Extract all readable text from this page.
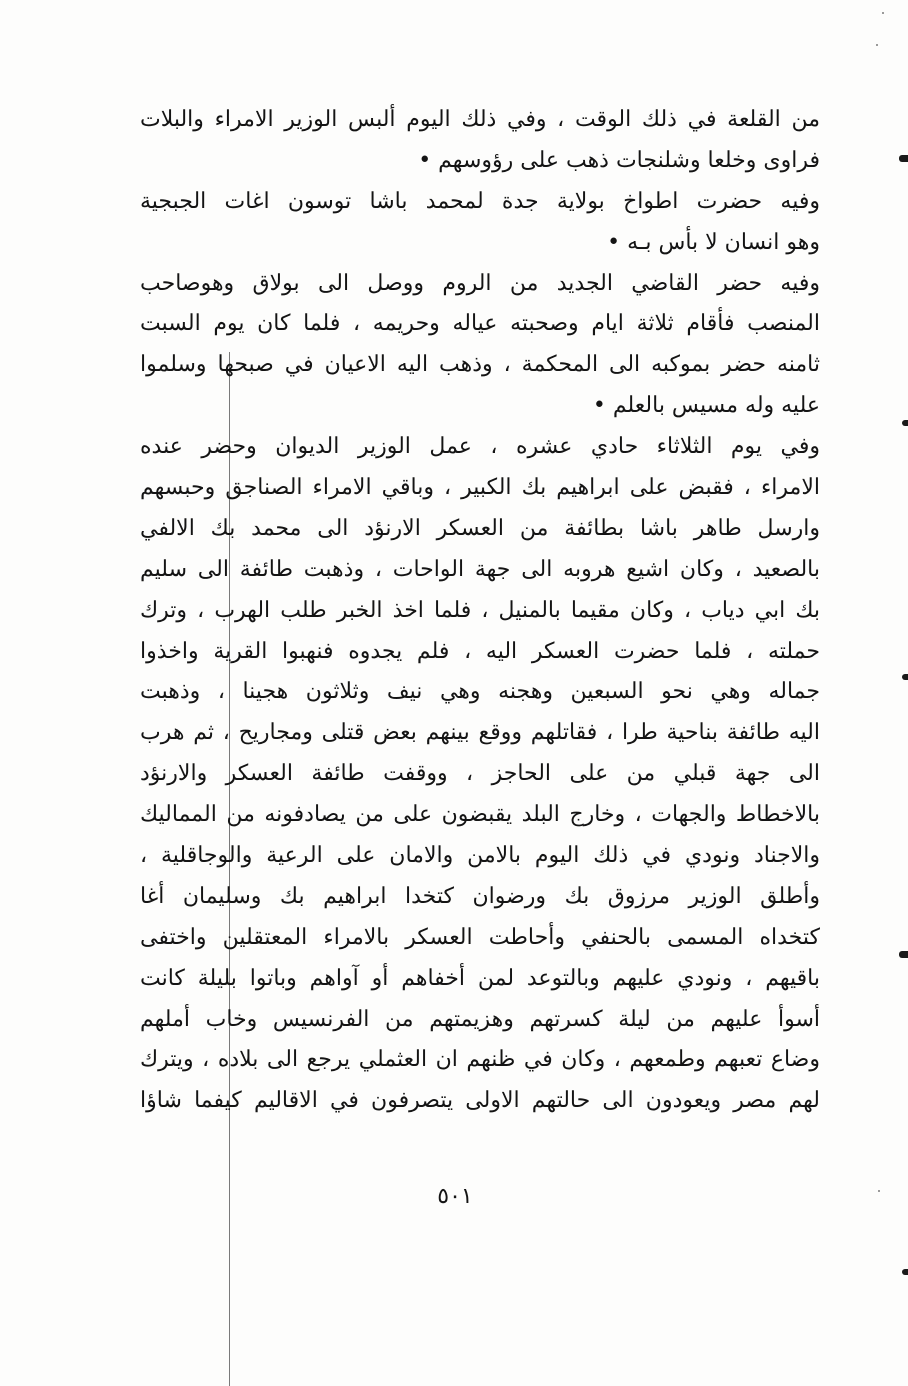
من القلعة في ذلك الوقت ، وفي ذلك اليوم ألبس الوزير الامراء والبلات
فراوى وخلعا وشلنجات ذهب على رؤوسهم •
وفيه حضرت اطواخ بولاية جدة لمحمد باشا توسون اغات الجبجية
وهو انسان لا بأس بـه •
وفيه حضر القاضي الجديد من الروم ووصل الى بولاق وهوصاحب
المنصب فأقام ثلاثة ايام وصحبته عياله وحريمه ، فلما كان يوم السبت
ثامنه حضر بموكبه الى المحكمة ، وذهب اليه الاعيان في صبحها وسلموا
عليه وله مسيس بالعلم •
وفي يوم الثلاثاء حادي عشره ، عمل الوزير الديوان وحضر عنده
الامراء ، فقبض على ابراهيم بك الكبير ، وباقي الامراء الصناجق وحبسهم
وارسل طاهر باشا بطائفة من العسكر الارنؤد الى محمد بك الالفي
بالصعيد ، وكان اشيع هروبه الى جهة الواحات ، وذهبت طائفة الى سليم
بك ابي دياب ، وكان مقيما بالمنيل ، فلما اخذ الخبر طلب الهرب ، وترك
حملته ، فلما حضرت العسكر اليه ، فلم يجدوه فنهبوا القرية واخذوا
جماله وهي نحو السبعين وهجنه وهي نيف وثلاثون هجينا ، وذهبت
اليه طائفة بناحية طرا ، فقاتلهم ووقع بينهم بعض قتلى ومجاريح ، ثم هرب
الى جهة قبلي من على الحاجز ، ووقفت طائفة العسكر والارنؤد
بالاخطاط والجهات ، وخارج البلد يقبضون على من يصادفونه من المماليك
والاجناد ونودي في ذلك اليوم بالامن والامان على الرعية والوجاقلية ،
وأطلق الوزير مرزوق بك ورضوان كتخدا ابراهيم بك وسليمان أغا
كتخداه المسمى بالحنفي وأحاطت العسكر بالامراء المعتقلين واختفى
باقيهم ، ونودي عليهم وبالتوعد لمن أخفاهم أو آواهم وباتوا بليلة كانت
أسوأ عليهم من ليلة كسرتهم وهزيمتهم من الفرنسيس وخاب أملهم
وضاع تعبهم وطمعهم ، وكان في ظنهم ان العثملي يرجع الى بلاده ، ويترك
لهم مصر ويعودون الى حالتهم الاولى يتصرفون في الاقاليم كيفما شاؤا
٥٠١
